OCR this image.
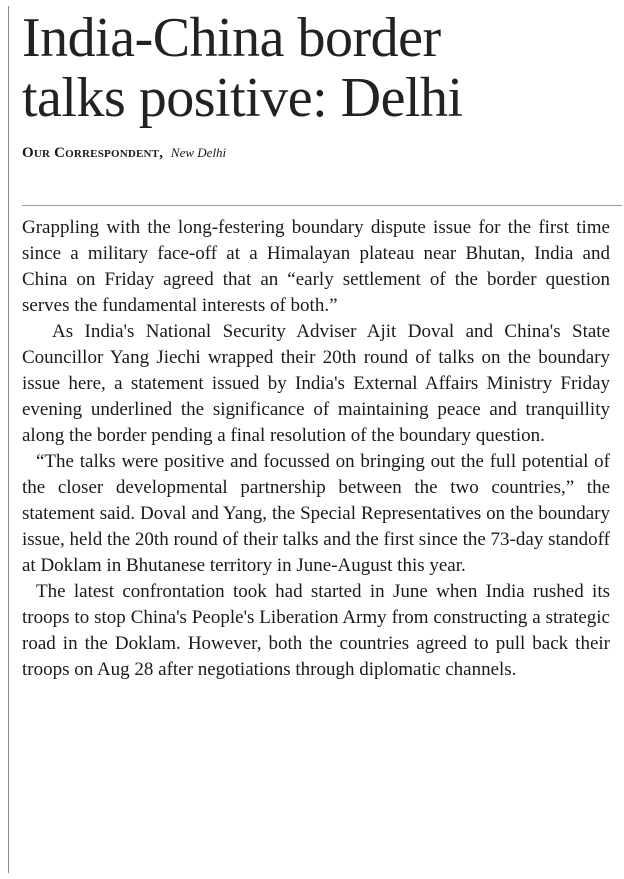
India-China border
talks positive: Delhi
Our Correspondent, New Delhi

Grappling with the long-festering boundary dispute issue for the first time since a military face-off at a Himalayan plateau near Bhutan, India and China on Friday agreed that an “early settlement of the border question serves the fundamental interests of both.”

As India's National Security Adviser Ajit Doval and China's State Councillor Yang Jiechi wrapped their 20th round of talks on the boundary issue here, a statement issued by India's External Affairs Ministry Friday evening underlined the significance of maintaining peace and tranquillity along the border pending a final resolution of the boundary question.

“The talks were positive and focussed on bringing out the full potential of the closer developmental partnership between the two countries,” the statement said. Doval and Yang, the Special Representatives on the boundary issue, held the 20th round of their talks and the first since the 73-day standoff at Doklam in Bhutanese territory in June-August this year.

The latest confrontation took had started in June when India rushed its troops to stop China's People's Liberation Army from constructing a strategic road in the Doklam. However, both the countries agreed to pull back their troops on Aug 28 after negotiations through diplomatic channels.
